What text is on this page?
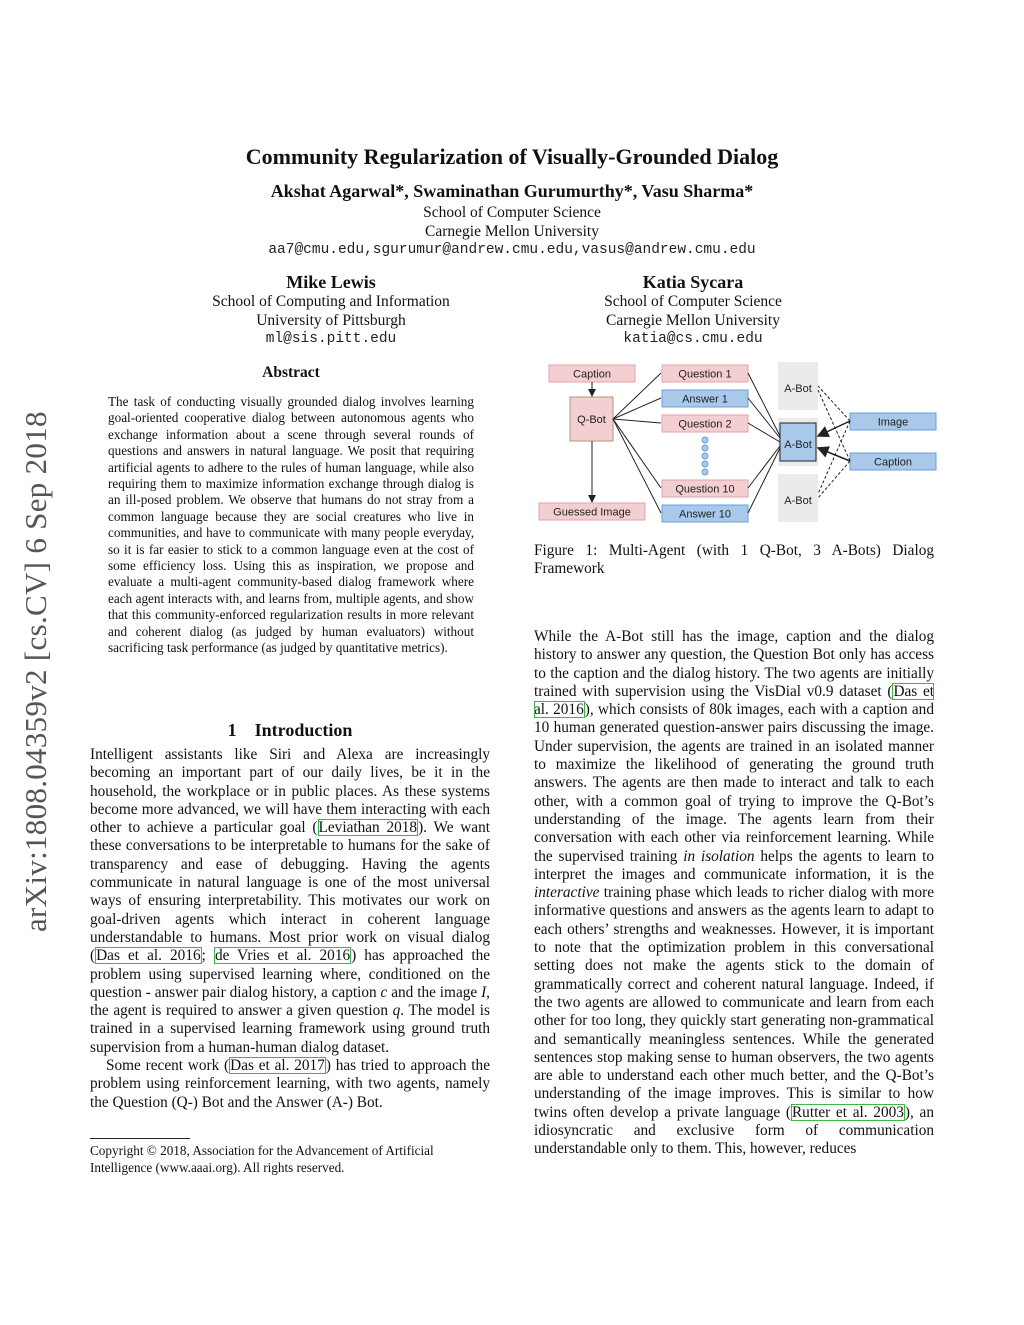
arXiv:1808.04359v2 [cs.CV] 6 Sep 2018
Community Regularization of Visually-Grounded Dialog
Akshat Agarwal*, Swaminathan Gurumurthy*, Vasu Sharma*
School of Computer Science
Carnegie Mellon University
aa7@cmu.edu,sgurumur@andrew.cmu.edu,vasus@andrew.cmu.edu
Mike Lewis
School of Computing and Information
University of Pittsburgh
ml@sis.pitt.edu
Katia Sycara
School of Computer Science
Carnegie Mellon University
katia@cs.cmu.edu
Abstract
The task of conducting visually grounded dialog involves learning goal-oriented cooperative dialog between autonomous agents who exchange information about a scene through several rounds of questions and answers in natural language. We posit that requiring artificial agents to adhere to the rules of human language, while also requiring them to maximize information exchange through dialog is an ill-posed problem. We observe that humans do not stray from a common language because they are social creatures who live in communities, and have to communicate with many people everyday, so it is far easier to stick to a common language even at the cost of some efficiency loss. Using this as inspiration, we propose and evaluate a multi-agent community-based dialog framework where each agent interacts with, and learns from, multiple agents, and show that this community-enforced regularization results in more relevant and coherent dialog (as judged by human evaluators) without sacrificing task performance (as judged by quantitative metrics).
1 Introduction

Intelligent assistants like Siri and Alexa are increasingly becoming an important part of our daily lives, be it in the household, the workplace or in public places. As these systems become more advanced, we will have them interacting with each other to achieve a particular goal (Leviathan 2018). We want these conversations to be interpretable to humans for the sake of transparency and ease of debugging. Having the agents communicate in natural language is one of the most universal ways of ensuring interpretability. This motivates our work on goal-driven agents which interact in coherent language understandable to humans. Most prior work on visual dialog (Das et al. 2016; de Vries et al. 2016) has approached the problem using supervised learning where, conditioned on the question - answer pair dialog history, a caption c and the image I, the agent is required to answer a given question q. The model is trained in a supervised learning framework using ground truth supervision from a human-human dialog dataset.

Some recent work (Das et al. 2017) has tried to approach the problem using reinforcement learning, with two agents, namely the Question (Q-) Bot and the Answer (A-) Bot.

Copyright © 2018, Association for the Advancement of Artificial Intelligence (www.aaai.org). All rights reserved.
Caption
Q-Bot
Guessed Image
Question 1
Answer 1
Question 2
Question 10
Answer 10
A-Bot
A-Bot
A-Bot
Image
Caption
Figure 1: Multi-Agent (with 1 Q-Bot, 3 A-Bots) Dialog Framework

While the A-Bot still has the image, caption and the dialog history to answer any question, the Question Bot only has access to the caption and the dialog history. The two agents are initially trained with supervision using the VisDial v0.9 dataset (Das et al. 2016), which consists of 80k images, each with a caption and 10 human generated question-answer pairs discussing the image. Under supervision, the agents are trained in an isolated manner to maximize the likelihood of generating the ground truth answers. The agents are then made to interact and talk to each other, with a common goal of trying to improve the Q-Bot’s understanding of the image. The agents learn from their conversation with each other via reinforcement learning. While the supervised training in isolation helps the agents to learn to interpret the images and communicate information, it is the interactive training phase which leads to richer dialog with more informative questions and answers as the agents learn to adapt to each others’ strengths and weaknesses. However, it is important to note that the optimization problem in this conversational setting does not make the agents stick to the domain of grammatically correct and coherent natural language. Indeed, if the two agents are allowed to communicate and learn from each other for too long, they quickly start generating non-grammatical and semantically meaningless sentences. While the generated sentences stop making sense to human observers, the two agents are able to understand each other much better, and the Q-Bot’s understanding of the image improves. This is similar to how twins often develop a private language (Rutter et al. 2003), an idiosyncratic and exclusive form of communication understandable only to them. This, however, reduces
